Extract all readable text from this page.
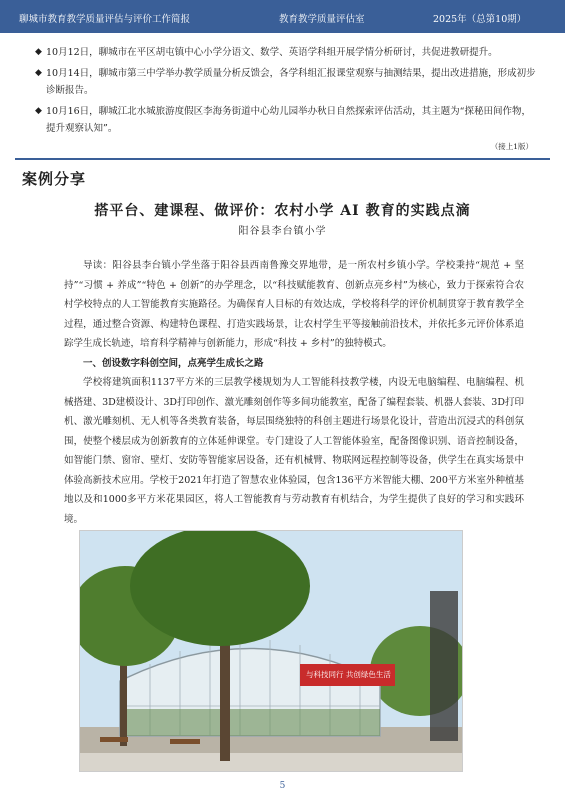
聊城市教育教学质量评估与评价工作简报	教育教学质量评估室	2025年（总第10期）
◆ 10月12日，聊城市在平区胡屯镇中心小学分语文、数学、英语学科组开展学情分析研讨，共促进教研提升。
◆ 10月14日，聊城市第三中学举办教学质量分析反馈会，各学科组汇报课堂观察与抽测结果，提出改进措施，形成初步诊断报告。
◆ 10月16日，聊城江北水城旅游度假区李海务街道中心幼儿园举办秋日自然探索评估活动，其主题为“探秘田间作物，提升观察认知”。
（接上1版）
案例分享
搭平台、建课程、做评价：农村小学 AI 教育的实践点滴
阳谷县李台镇小学

导读：阳谷县李台镇小学坐落于阳谷县西南鲁豫交界地带，是一所农村乡镇小学。学校秉持“规范 + 坚持”“习惯 + 养成”“特色 + 创新”的办学理念，以“科技赋能教育、创新点亮乡村”为核心，致力于探索符合农村学校特点的人工智能教育实施路径。为确保育人目标的有效达成，学校将科学的评价机制贯穿于教育教学全过程，通过整合资源、构建特色课程、打造实践场景，让农村学生平等接触前沿技术，并依托多元评价体系追踪学生成长轨迹，培育科学精神与创新能力，形成“科技 + 乡村”的独特模式。

一、创设数字科创空间，点亮学生成长之路

学校将建筑面积1137平方米的三层教学楼规划为人工智能科技教学楼，内设无电脑编程、电脑编程、机械搭建、3D建模设计、3D打印创作、激光雕刻创作等多间功能教室，配备了编程套装、机器人套装、3D打印机、激光雕刻机、无人机等各类教育装备，每层围绕独特的科创主题进行场景化设计，营造出沉浸式的科创氛围，使整个楼层成为创新教育的立体延伸课堂。专门建设了人工智能体验室，配备图像识别、语音控制设备，如智能门禁、窗帘、壁灯、安防等智能家居设备，还有机械臂、物联网远程控制等设备，供学生在真实场景中体验高新技术应用。学校于2021年打造了智慧农业体验园，包含136平方米智能大棚、200平方米室外种植基地以及和1000多平方米花果园区，将人工智能教育与劳动教育有机结合，为学生提供了良好的学习和实践环境。

与科技同行 共创绿色生活
5
